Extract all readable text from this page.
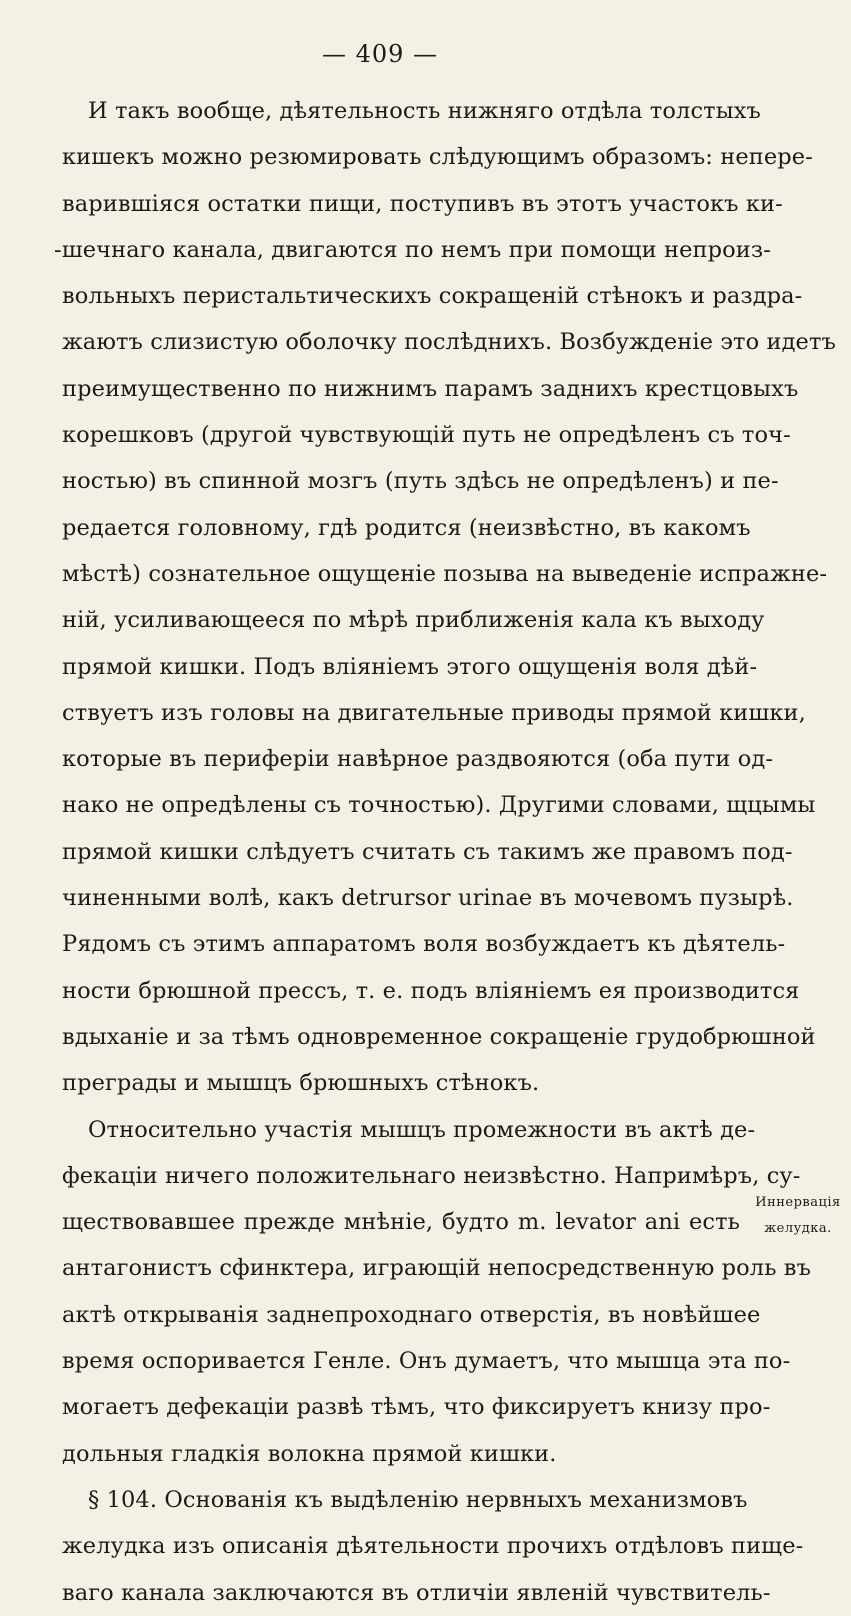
— 409 —
И такъ вообще, дѣятельность нижняго отдѣла толстыхъ
кишекъ можно резюмировать слѣдующимъ образомъ: непере-
варившіяся остатки пищи, поступивъ въ этотъ участокъ ки-
-шечнаго канала, двигаются по немъ при помощи непроиз-
вольныхъ перистальтическихъ сокращеній стѣнокъ и раздра-
жаютъ слизистую оболочку послѣднихъ. Возбужденіе это идетъ
преимущественно по нижнимъ парамъ заднихъ крестцовыхъ
корешковъ (другой чувствующій путь не опредѣленъ съ точ-
ностью) въ спинной мозгъ (путь здѣсь не опредѣленъ) и пе-
редается головному, гдѣ родится (неизвѣстно, въ какомъ
мѣстѣ) сознательное ощущеніе позыва на выведеніе испражне-
ній, усиливающееся по мѣрѣ приближенія кала къ выходу
прямой кишки. Подъ вліяніемъ этого ощущенія воля дѣй-
ствуетъ изъ головы на двигательные приводы прямой кишки,
которые въ периферіи навѣрное раздвояются (оба пути од-
нако не опредѣлены съ точностью). Другими словами, щцымы
прямой кишки слѣдуетъ считать съ такимъ же правомъ под-
чиненными волѣ, какъ detrursor urinae въ мочевомъ пузырѣ.
Рядомъ съ этимъ аппаратомъ воля возбуждаетъ къ дѣятель-
ности брюшной прессъ, т. е. подъ вліяніемъ ея производится
вдыханіе и за тѣмъ одновременное сокращеніе грудобрюшной
преграды и мышцъ брюшныхъ стѣнокъ.
Относительно участія мышцъ промежности въ актѣ де-
фекаціи ничего положительнаго неизвѣстно. Напримѣръ, су-
ществовавшее прежде мнѣніе, будто m. levator ani есть
антагонистъ сфинктера, играющій непосредственную роль въ
актѣ открыванія заднепроходнаго отверстія, въ новѣйшее
время оспоривается Генле. Онъ думаетъ, что мышца эта по-
могаетъ дефекаціи развѣ тѣмъ, что фиксируетъ книзу про-
дольныя гладкія волокна прямой кишки.
§ 104. Основанія къ выдѣленію нервныхъ механизмовъ
желудка изъ описанія дѣятельности прочихъ отдѣловъ пище-
ваго канала заключаются въ отличіи явленій чувствитель-
Иннервація
желудка.
